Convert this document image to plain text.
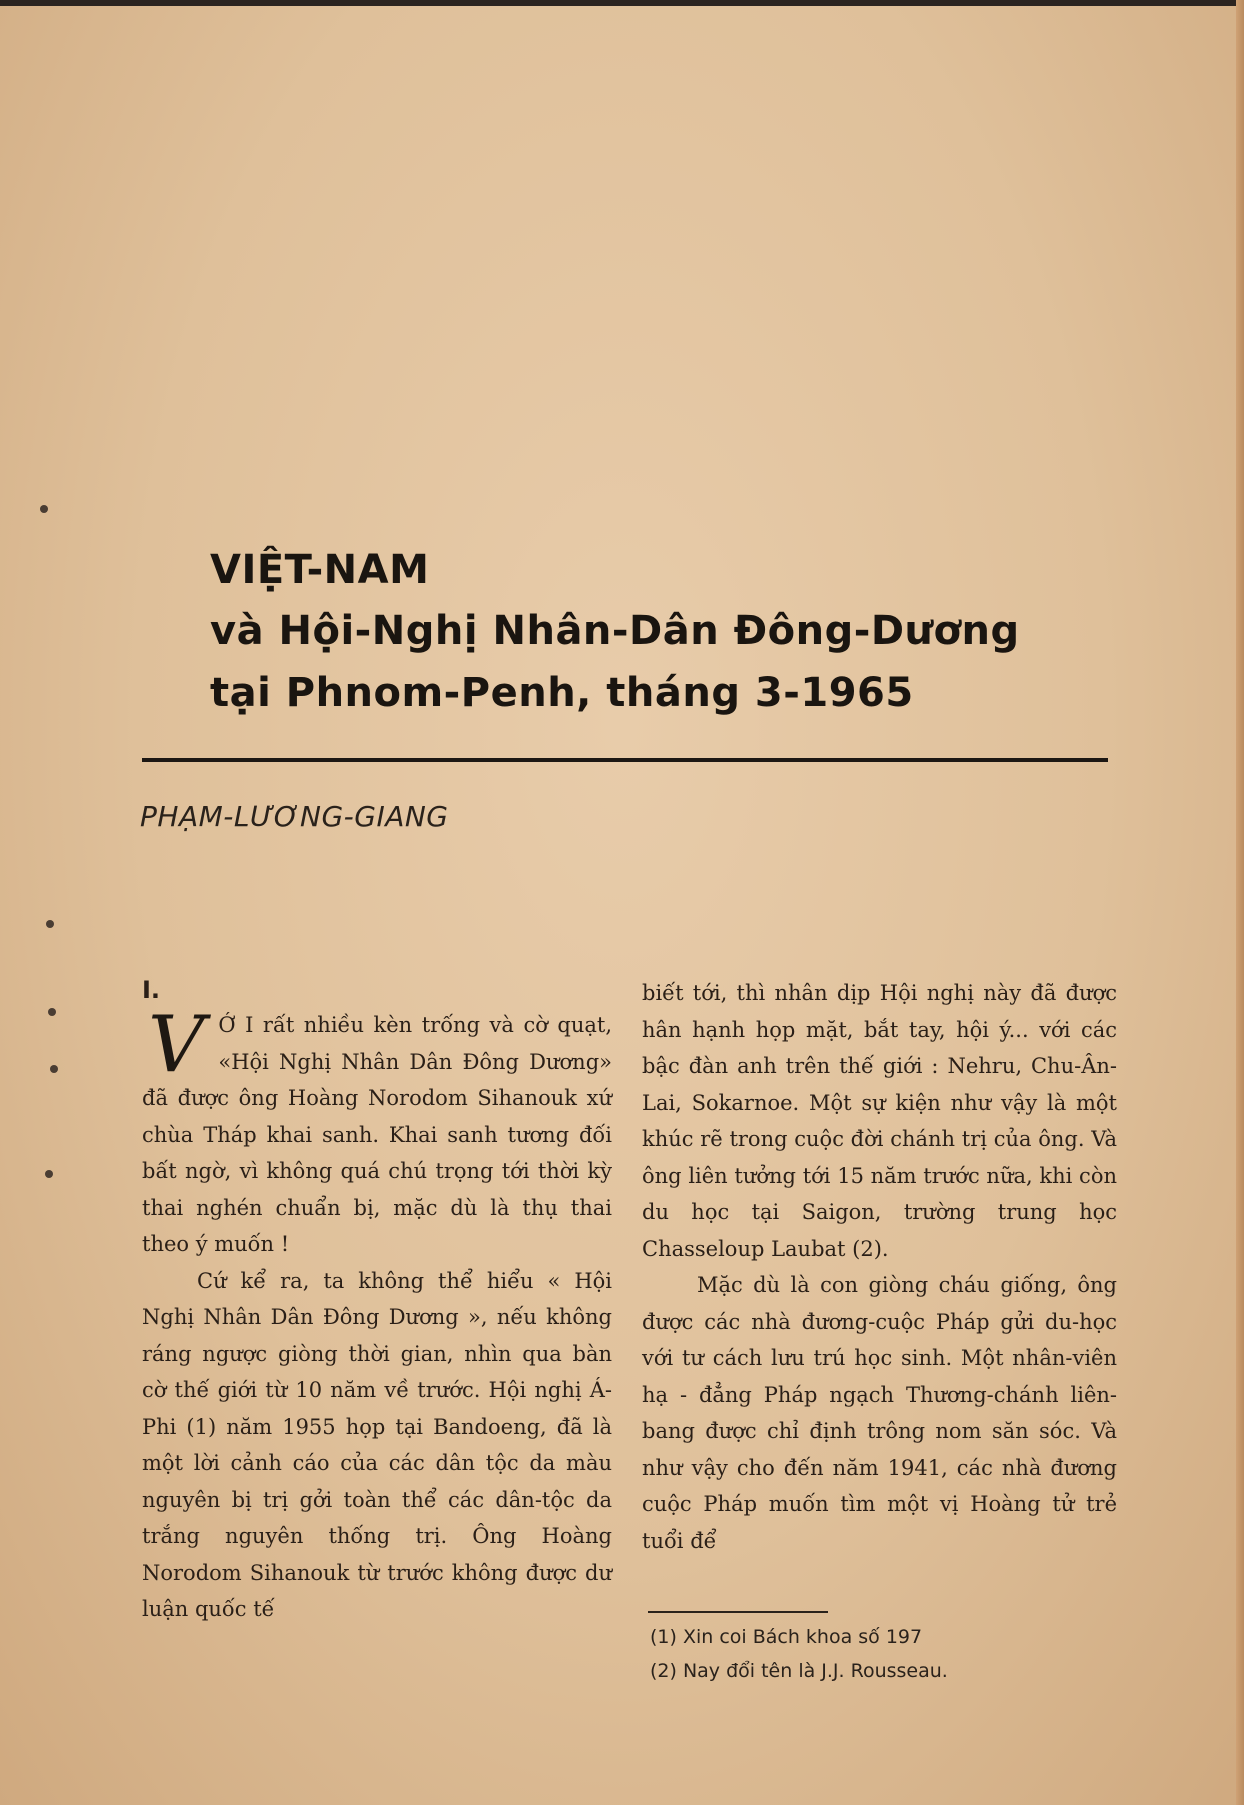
VIỆT-NAM
và Hội-Nghị Nhân-Dân Đông-Dương
tại Phnom-Penh, tháng 3-1965
PHẠM-LƯƠNG-GIANG
I.
V Ớ I rất nhiều kèn trống và cờ quạt, «Hội Nghị Nhân Dân Đông Dương» đã được ông Hoàng Norodom Sihanouk xứ chùa Tháp khai sanh. Khai sanh tương đối bất ngờ, vì không quá chú trọng tới thời kỳ thai nghén chuẩn bị, mặc dù là thụ thai theo ý muốn !

Cứ kể ra, ta không thể hiểu « Hội Nghị Nhân Dân Đông Dương », nếu không ráng ngược giòng thời gian, nhìn qua bàn cờ thế giới từ 10 năm về trước. Hội nghị Á-Phi (1) năm 1955 họp tại Bandoeng, đã là một lời cảnh cáo của các dân tộc da màu nguyên bị trị gởi toàn thể các dân-tộc da trắng nguyên thống trị. Ông Hoàng Norodom Sihanouk từ trước không được dư luận quốc tế

biết tới, thì nhân dịp Hội nghị này đã được hân hạnh họp mặt, bắt tay, hội ý... với các bậc đàn anh trên thế giới : Nehru, Chu-Ân-Lai, Sokarnoe. Một sự kiện như vậy là một khúc rẽ trong cuộc đời chánh trị của ông. Và ông liên tưởng tới 15 năm trước nữa, khi còn du học tại Saigon, trường trung học Chasseloup Laubat (2).

Mặc dù là con giòng cháu giống, ông được các nhà đương-cuộc Pháp gửi du-học với tư cách lưu trú học sinh. Một nhân-viên hạ - đẳng Pháp ngạch Thương-chánh liên-bang được chỉ định trông nom săn sóc. Và như vậy cho đến năm 1941, các nhà đương cuộc Pháp muốn tìm một vị Hoàng tử trẻ tuổi để

(1) Xin coi Bách khoa số 197
(2) Nay đổi tên là J.J. Rousseau.
